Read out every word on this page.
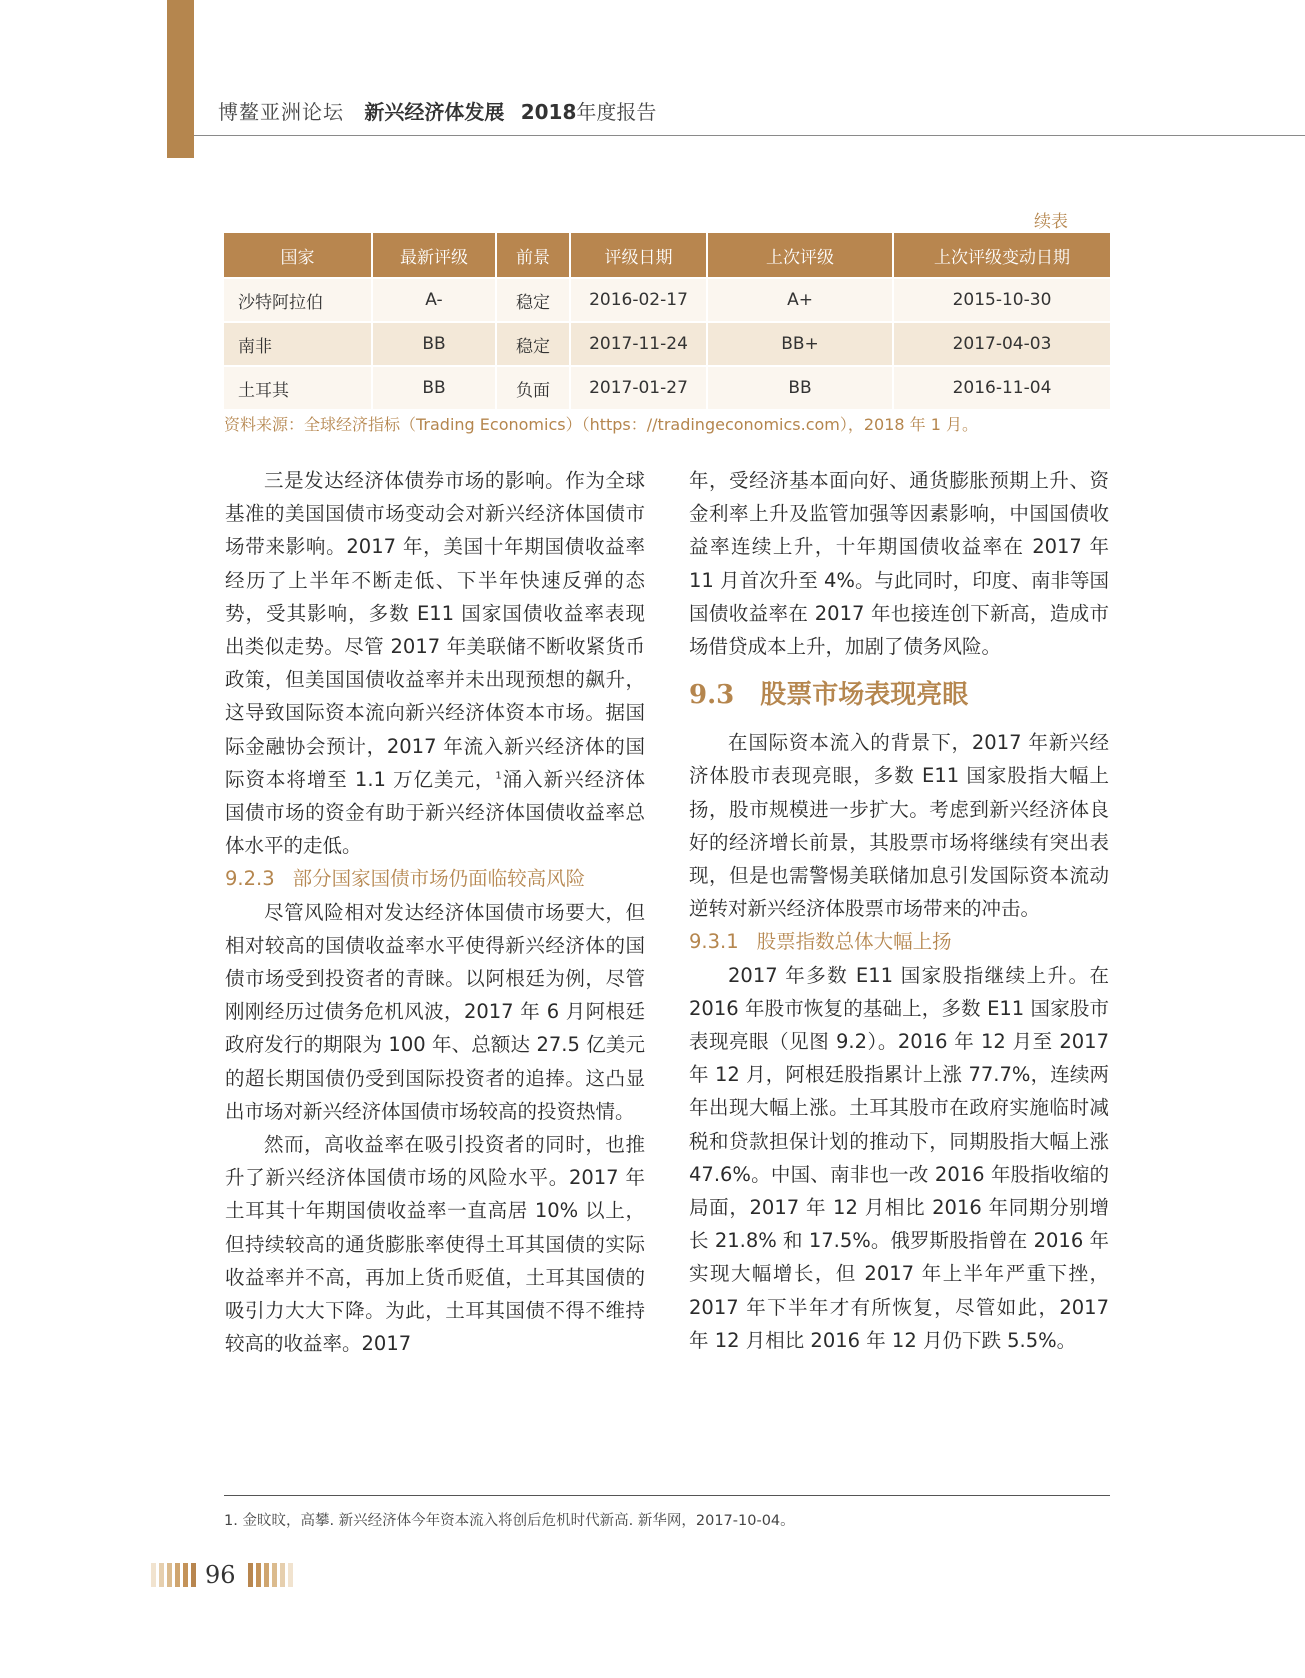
博鳌亚洲论坛 新兴经济体发展 2018年度报告
续表
国家	最新评级	前景	评级日期	上次评级	上次评级变动日期
沙特阿拉伯	A-	稳定	2016-02-17	A+	2015-10-30
南非	BB	稳定	2017-11-24	BB+	2017-04-03
土耳其	BB	负面	2017-01-27	BB	2016-11-04
资料来源：全球经济指标（Trading Economics）（https：//tradingeconomics.com），2018 年 1 月。

三是发达经济体债券市场的影响。作为全球基准的美国国债市场变动会对新兴经济体国债市场带来影响。2017 年，美国十年期国债收益率经历了上半年不断走低、下半年快速反弹的态势，受其影响，多数 E11 国家国债收益率表现出类似走势。尽管 2017 年美联储不断收紧货币政策，但美国国债收益率并未出现预想的飙升，这导致国际资本流向新兴经济体资本市场。据国际金融协会预计，2017 年流入新兴经济体的国际资本将增至 1.1 万亿美元，$^1$涌入新兴经济体国债市场的资金有助于新兴经济体国债收益率总体水平的走低。

9.2.3 部分国家国债市场仍面临较高风险

尽管风险相对发达经济体国债市场要大，但相对较高的国债收益率水平使得新兴经济体的国债市场受到投资者的青睐。以阿根廷为例，尽管刚刚经历过债务危机风波，2017 年 6 月阿根廷政府发行的期限为 100 年、总额达 27.5 亿美元的超长期国债仍受到国际投资者的追捧。这凸显出市场对新兴经济体国债市场较高的投资热情。

然而，高收益率在吸引投资者的同时，也推升了新兴经济体国债市场的风险水平。2017 年土耳其十年期国债收益率一直高居 10% 以上，但持续较高的通货膨胀率使得土耳其国债的实际收益率并不高，再加上货币贬值，土耳其国债的吸引力大大下降。为此，土耳其国债不得不维持较高的收益率。2017

年，受经济基本面向好、通货膨胀预期上升、资金利率上升及监管加强等因素影响，中国国债收益率连续上升，十年期国债收益率在 2017 年 11 月首次升至 4%。与此同时，印度、南非等国国债收益率在 2017 年也接连创下新高，造成市场借贷成本上升，加剧了债务风险。

9.3 股票市场表现亮眼

在国际资本流入的背景下，2017 年新兴经济体股市表现亮眼，多数 E11 国家股指大幅上扬，股市规模进一步扩大。考虑到新兴经济体良好的经济增长前景，其股票市场将继续有突出表现，但是也需警惕美联储加息引发国际资本流动逆转对新兴经济体股票市场带来的冲击。

9.3.1 股票指数总体大幅上扬

2017 年多数 E11 国家股指继续上升。在 2016 年股市恢复的基础上，多数 E11 国家股市表现亮眼（见图 9.2）。2016 年 12 月至 2017 年 12 月，阿根廷股指累计上涨 77.7%，连续两年出现大幅上涨。土耳其股市在政府实施临时减税和贷款担保计划的推动下，同期股指大幅上涨 47.6%。中国、南非也一改 2016 年股指收缩的局面，2017 年 12 月相比 2016 年同期分别增长 21.8% 和 17.5%。俄罗斯股指曾在 2016 年实现大幅增长，但 2017 年上半年严重下挫，2017 年下半年才有所恢复，尽管如此，2017 年 12 月相比 2016 年 12 月仍下跌 5.5%。

1. 金旼旼，高攀. 新兴经济体今年资本流入将创后危机时代新高. 新华网，2017-10-04。
96
